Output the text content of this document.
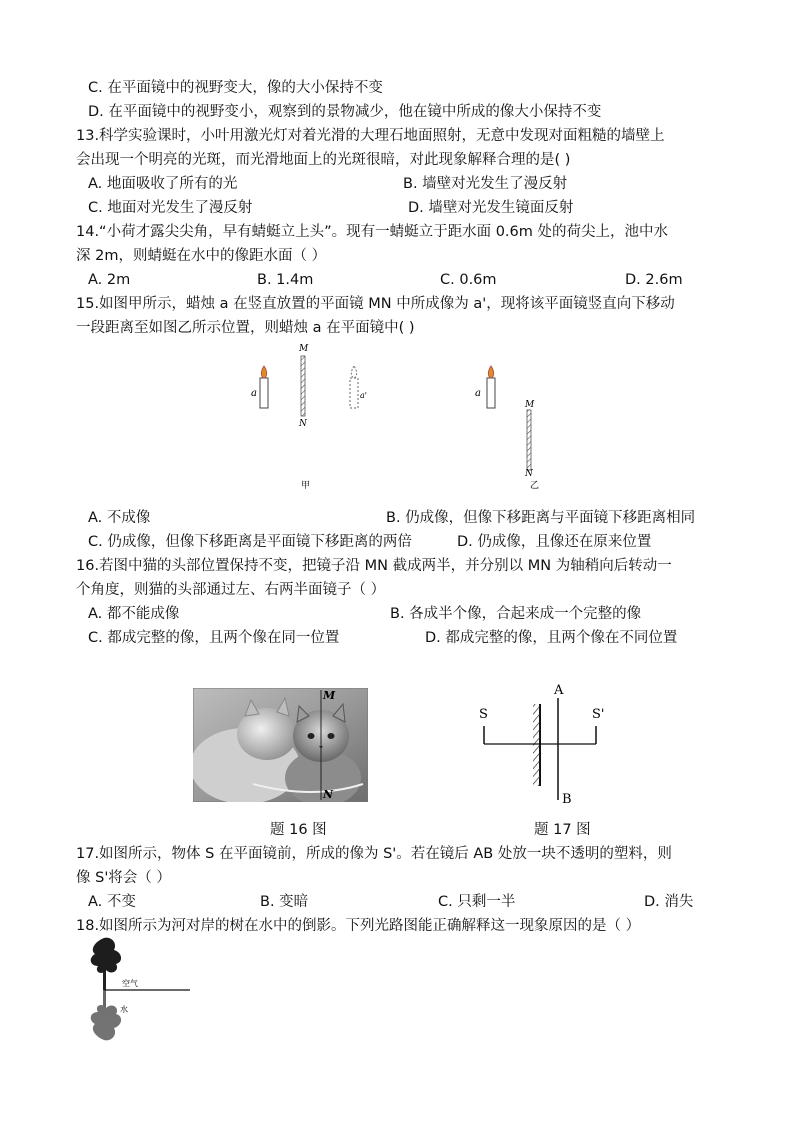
C. 在平面镜中的视野变大，像的大小保持不变
D. 在平面镜中的视野变小，观察到的景物减少，他在镜中所成的像大小保持不变
13.科学实验课时，小叶用激光灯对着光滑的大理石地面照射，无意中发现对面粗糙的墙壁上
会出现一个明亮的光斑，而光滑地面上的光斑很暗，对此现象解释合理的是( )
A. 地面吸收了所有的光	B. 墙壁对光发生了漫反射
C. 地面对光发生了漫反射	D. 墙壁对光发生镜面反射
14.“小荷才露尖尖角，早有蜻蜓立上头”。现有一蜻蜓立于距水面 0.6m 处的荷尖上，池中水
深 2m，则蜻蜓在水中的像距水面（ ）
A. 2m	B. 1.4m	C. 0.6m	D. 2.6m
15.如图甲所示，蜡烛 a 在竖直放置的平面镜 MN 中所成像为 a'，现将该平面镜竖直向下移动
一段距离至如图乙所示位置，则蜡烛 a 在平面镜中( )
a
M
N
a'
甲
a
M
N
乙
A. 不成像	B. 仍成像，但像下移距离与平面镜下移距离相同
C. 仍成像，但像下移距离是平面镜下移距离的两倍	D. 仍成像，且像还在原来位置
16.若图中猫的头部位置保持不变，把镜子沿 MN 截成两半，并分别以 MN 为轴稍向后转动一
个角度，则猫的头部通过左、右两半面镜子（ ）
A. 都不能成像	B. 各成半个像，合起来成一个完整的像
C. 都成完整的像，且两个像在同一位置	D. 都成完整的像，且两个像在不同位置
M
N
A
B
S	S'
题 16 图	题 17 图
17.如图所示，物体 S 在平面镜前，所成的像为 S'。若在镜后 AB 处放一块不透明的塑料，则
像 S'将会（ ）
A. 不变	B. 变暗	C. 只剩一半	D. 消失
18.如图所示为河对岸的树在水中的倒影。下列光路图能正确解释这一现象原因的是（ ）
空气
水
